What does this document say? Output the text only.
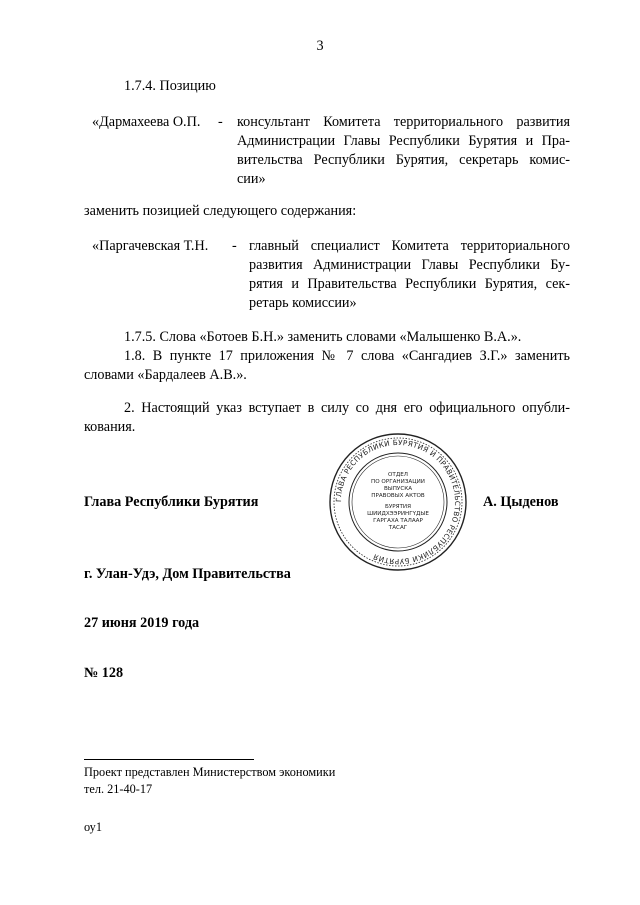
3
1.7.4. Позицию
«Дармахеева О.П. - консультант Комитета территориального развития
Администрации Главы Республики Бурятия и Пра-
вительства Республики Бурятия, секретарь комис-
сии»
заменить позицией следующего содержания:
«Паргачевская Т.Н. - главный специалист Комитета территориального
развития Администрации Главы Республики Бу-
рятия и Правительства Республики Бурятия, сек-
ретарь комиссии»
1.7.5. Слова «Ботоев Б.Н.» заменить словами «Малышенко В.А.».
1.8. В пункте 17 приложения № 7 слова «Сангадиев З.Г.» заменить
словами «Бардалеев А.В.».
2. Настоящий указ вступает в силу со дня его официального опубли-
кования.
ГЛАВА РЕСПУБЛИКИ БУРЯТИЯ И ПРАВИТЕЛЬСТВО РЕСПУБЛИКИ БУРЯТИЯ
ОТДЕЛ
ПО ОРГАНИЗАЦИИ
ВЫПУСКА
ПРАВОВЫХ АКТОВ
БУРЯТИЯ
ШИИДХЭЭРИНГҮДЫЕ
ГАРГАХА ТАЛААР
ТАСАГ
Глава Республики Бурятия	А. Цыденов
г. Улан-Удэ, Дом Правительства
27 июня 2019 года
№ 128
Проект представлен Министерством экономики
тел. 21-40-17
оу1
